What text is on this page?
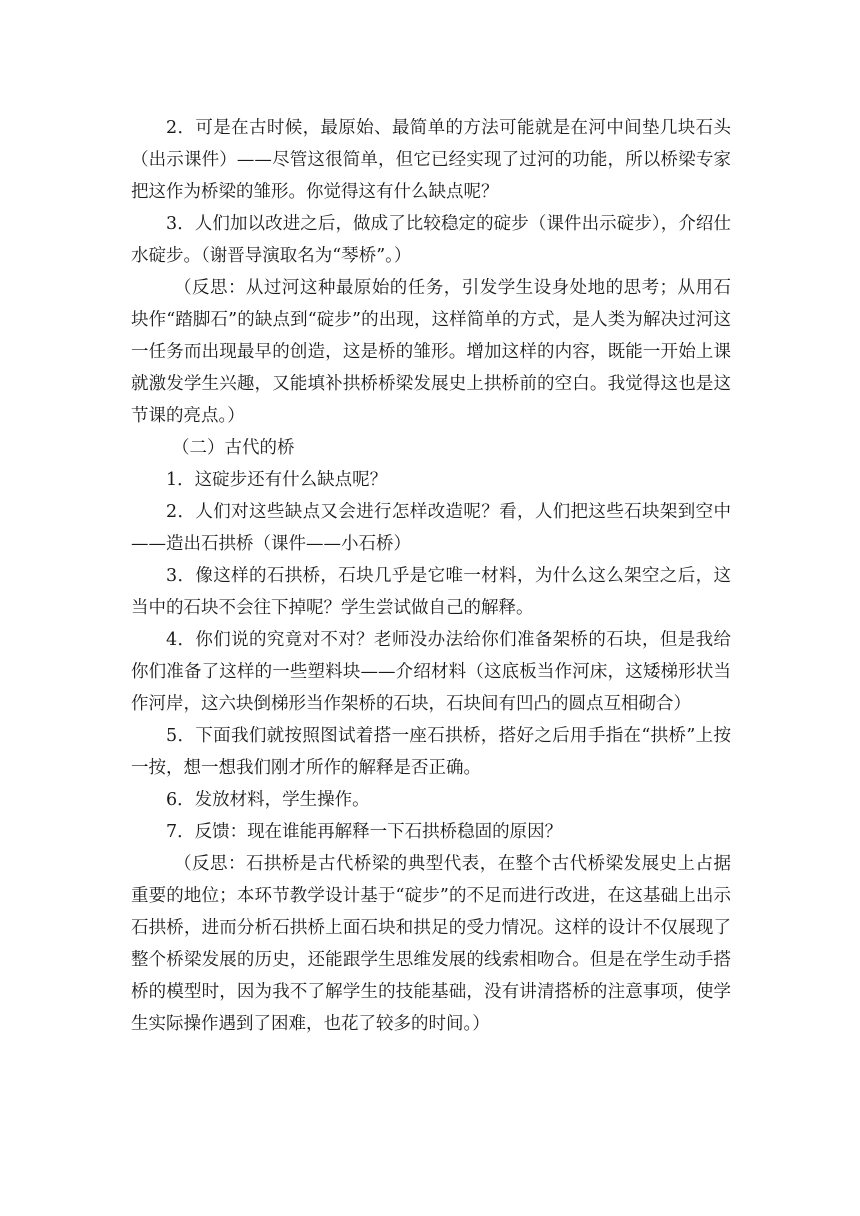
2．可是在古时候，最原始、最简单的方法可能就是在河中间垫几块石头（出示课件）——尽管这很简单，但它已经实现了过河的功能，所以桥梁专家把这作为桥梁的雏形。你觉得这有什么缺点呢？

3．人们加以改进之后，做成了比较稳定的碇步（课件出示碇步），介绍仕水碇步。（谢晋导演取名为“琴桥”。）

（反思：从过河这种最原始的任务，引发学生设身处地的思考；从用石块作“踏脚石”的缺点到“碇步”的出现，这样简单的方式，是人类为解决过河这一任务而出现最早的创造，这是桥的雏形。增加这样的内容，既能一开始上课就激发学生兴趣，又能填补拱桥桥梁发展史上拱桥前的空白。我觉得这也是这节课的亮点。）

（二）古代的桥

1．这碇步还有什么缺点呢？

2．人们对这些缺点又会进行怎样改造呢？看，人们把这些石块架到空中——造出石拱桥（课件——小石桥）

3．像这样的石拱桥，石块几乎是它唯一材料，为什么这么架空之后，这当中的石块不会往下掉呢？学生尝试做自己的解释。

4．你们说的究竟对不对？老师没办法给你们准备架桥的石块，但是我给你们准备了这样的一些塑料块——介绍材料（这底板当作河床，这矮梯形状当作河岸，这六块倒梯形当作架桥的石块，石块间有凹凸的圆点互相砌合）

5．下面我们就按照图试着搭一座石拱桥，搭好之后用手指在“拱桥”上按一按，想一想我们刚才所作的解释是否正确。

6．发放材料，学生操作。

7．反馈：现在谁能再解释一下石拱桥稳固的原因？

（反思：石拱桥是古代桥梁的典型代表，在整个古代桥梁发展史上占据重要的地位；本环节教学设计基于“碇步”的不足而进行改进，在这基础上出示石拱桥，进而分析石拱桥上面石块和拱足的受力情况。这样的设计不仅展现了整个桥梁发展的历史，还能跟学生思维发展的线索相吻合。但是在学生动手搭桥的模型时，因为我不了解学生的技能基础，没有讲清搭桥的注意事项，使学生实际操作遇到了困难，也花了较多的时间。）
